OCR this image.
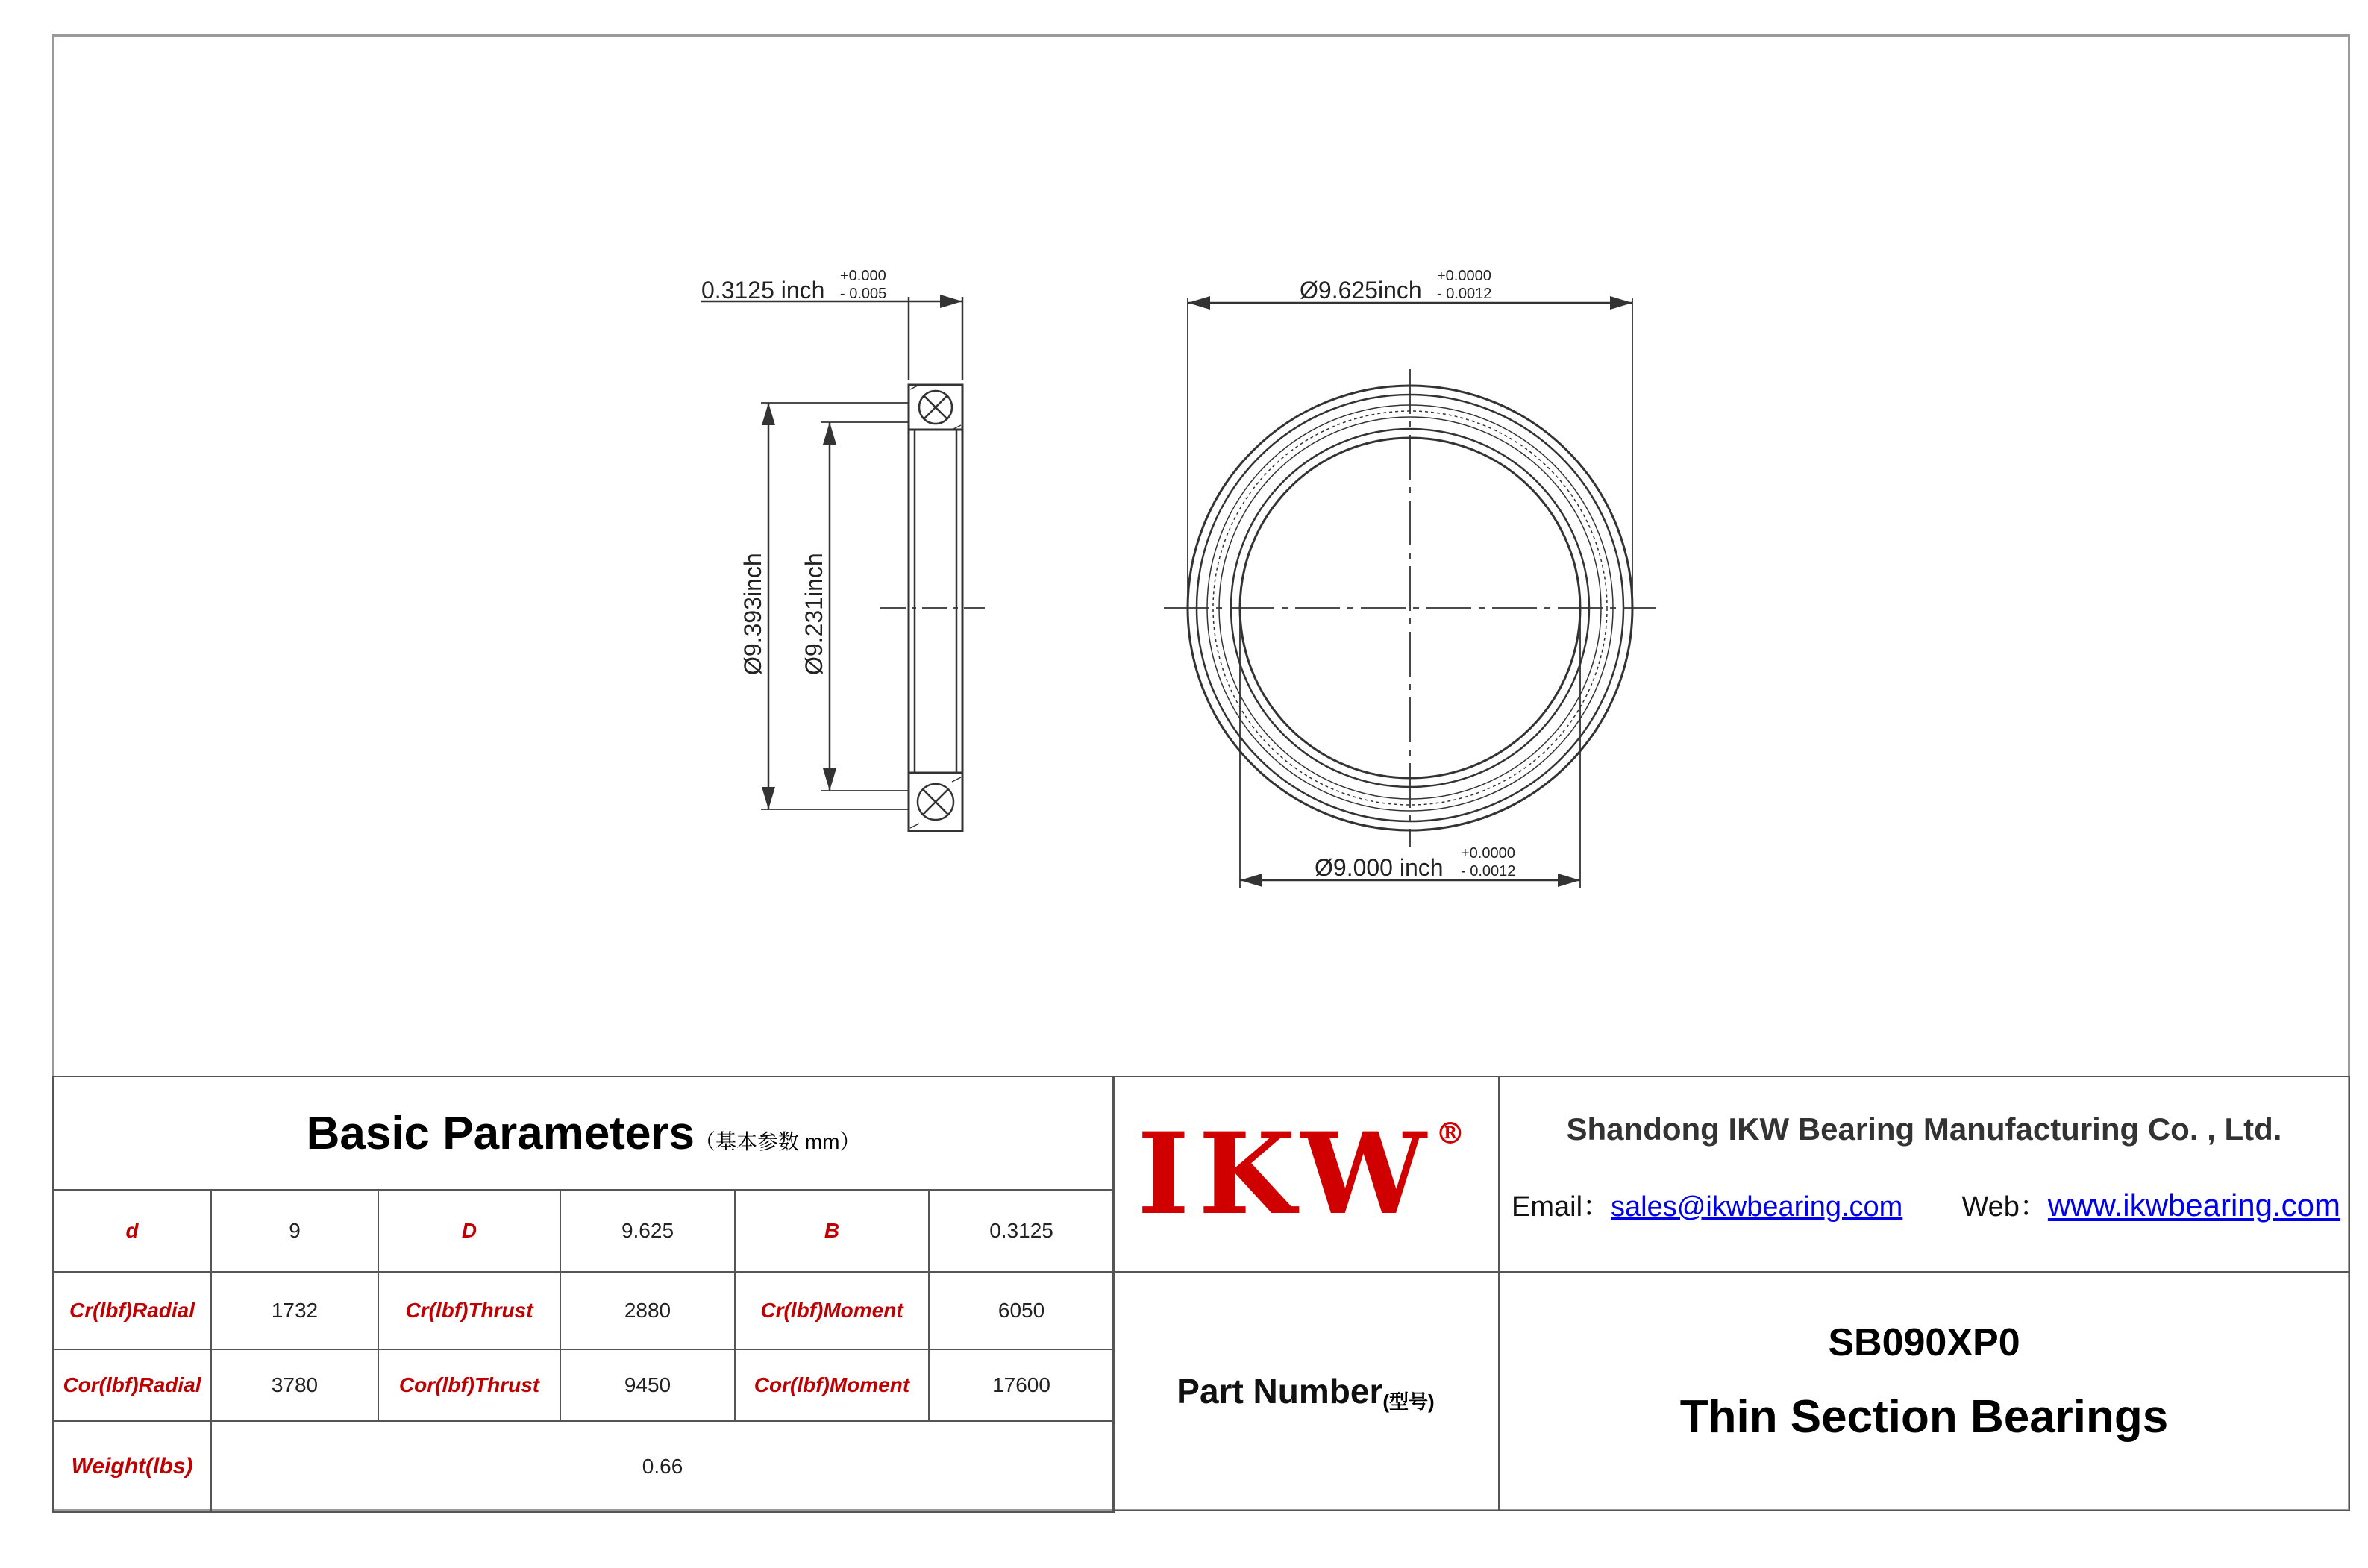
0.3125 inch
+0.000
- 0.005
Ø9.393inch Ø9.231inch
Ø9.625inch
+0.0000
- 0.0012
Ø9.000 inch
+0.0000
- 0.0012
Basic Parameters（基本参数 mm）					
d	9	D	9.625	B	0.3125
Cr(lbf)Radial	1732	Cr(lbf)Thrust	2880	Cr(lbf)Moment	6050
Cor(lbf)Radial	3780	Cor(lbf)Thrust	9450	Cor(lbf)Moment	17600
Weight(lbs)	0.66				
IKW®	Shandong IKW Bearing Manufacturing Co. , Ltd.
Email：sales@ikwbearing.com Web：www.ikwbearing.com
Part Number (型号)
SB090XP0
Thin Section Bearings
